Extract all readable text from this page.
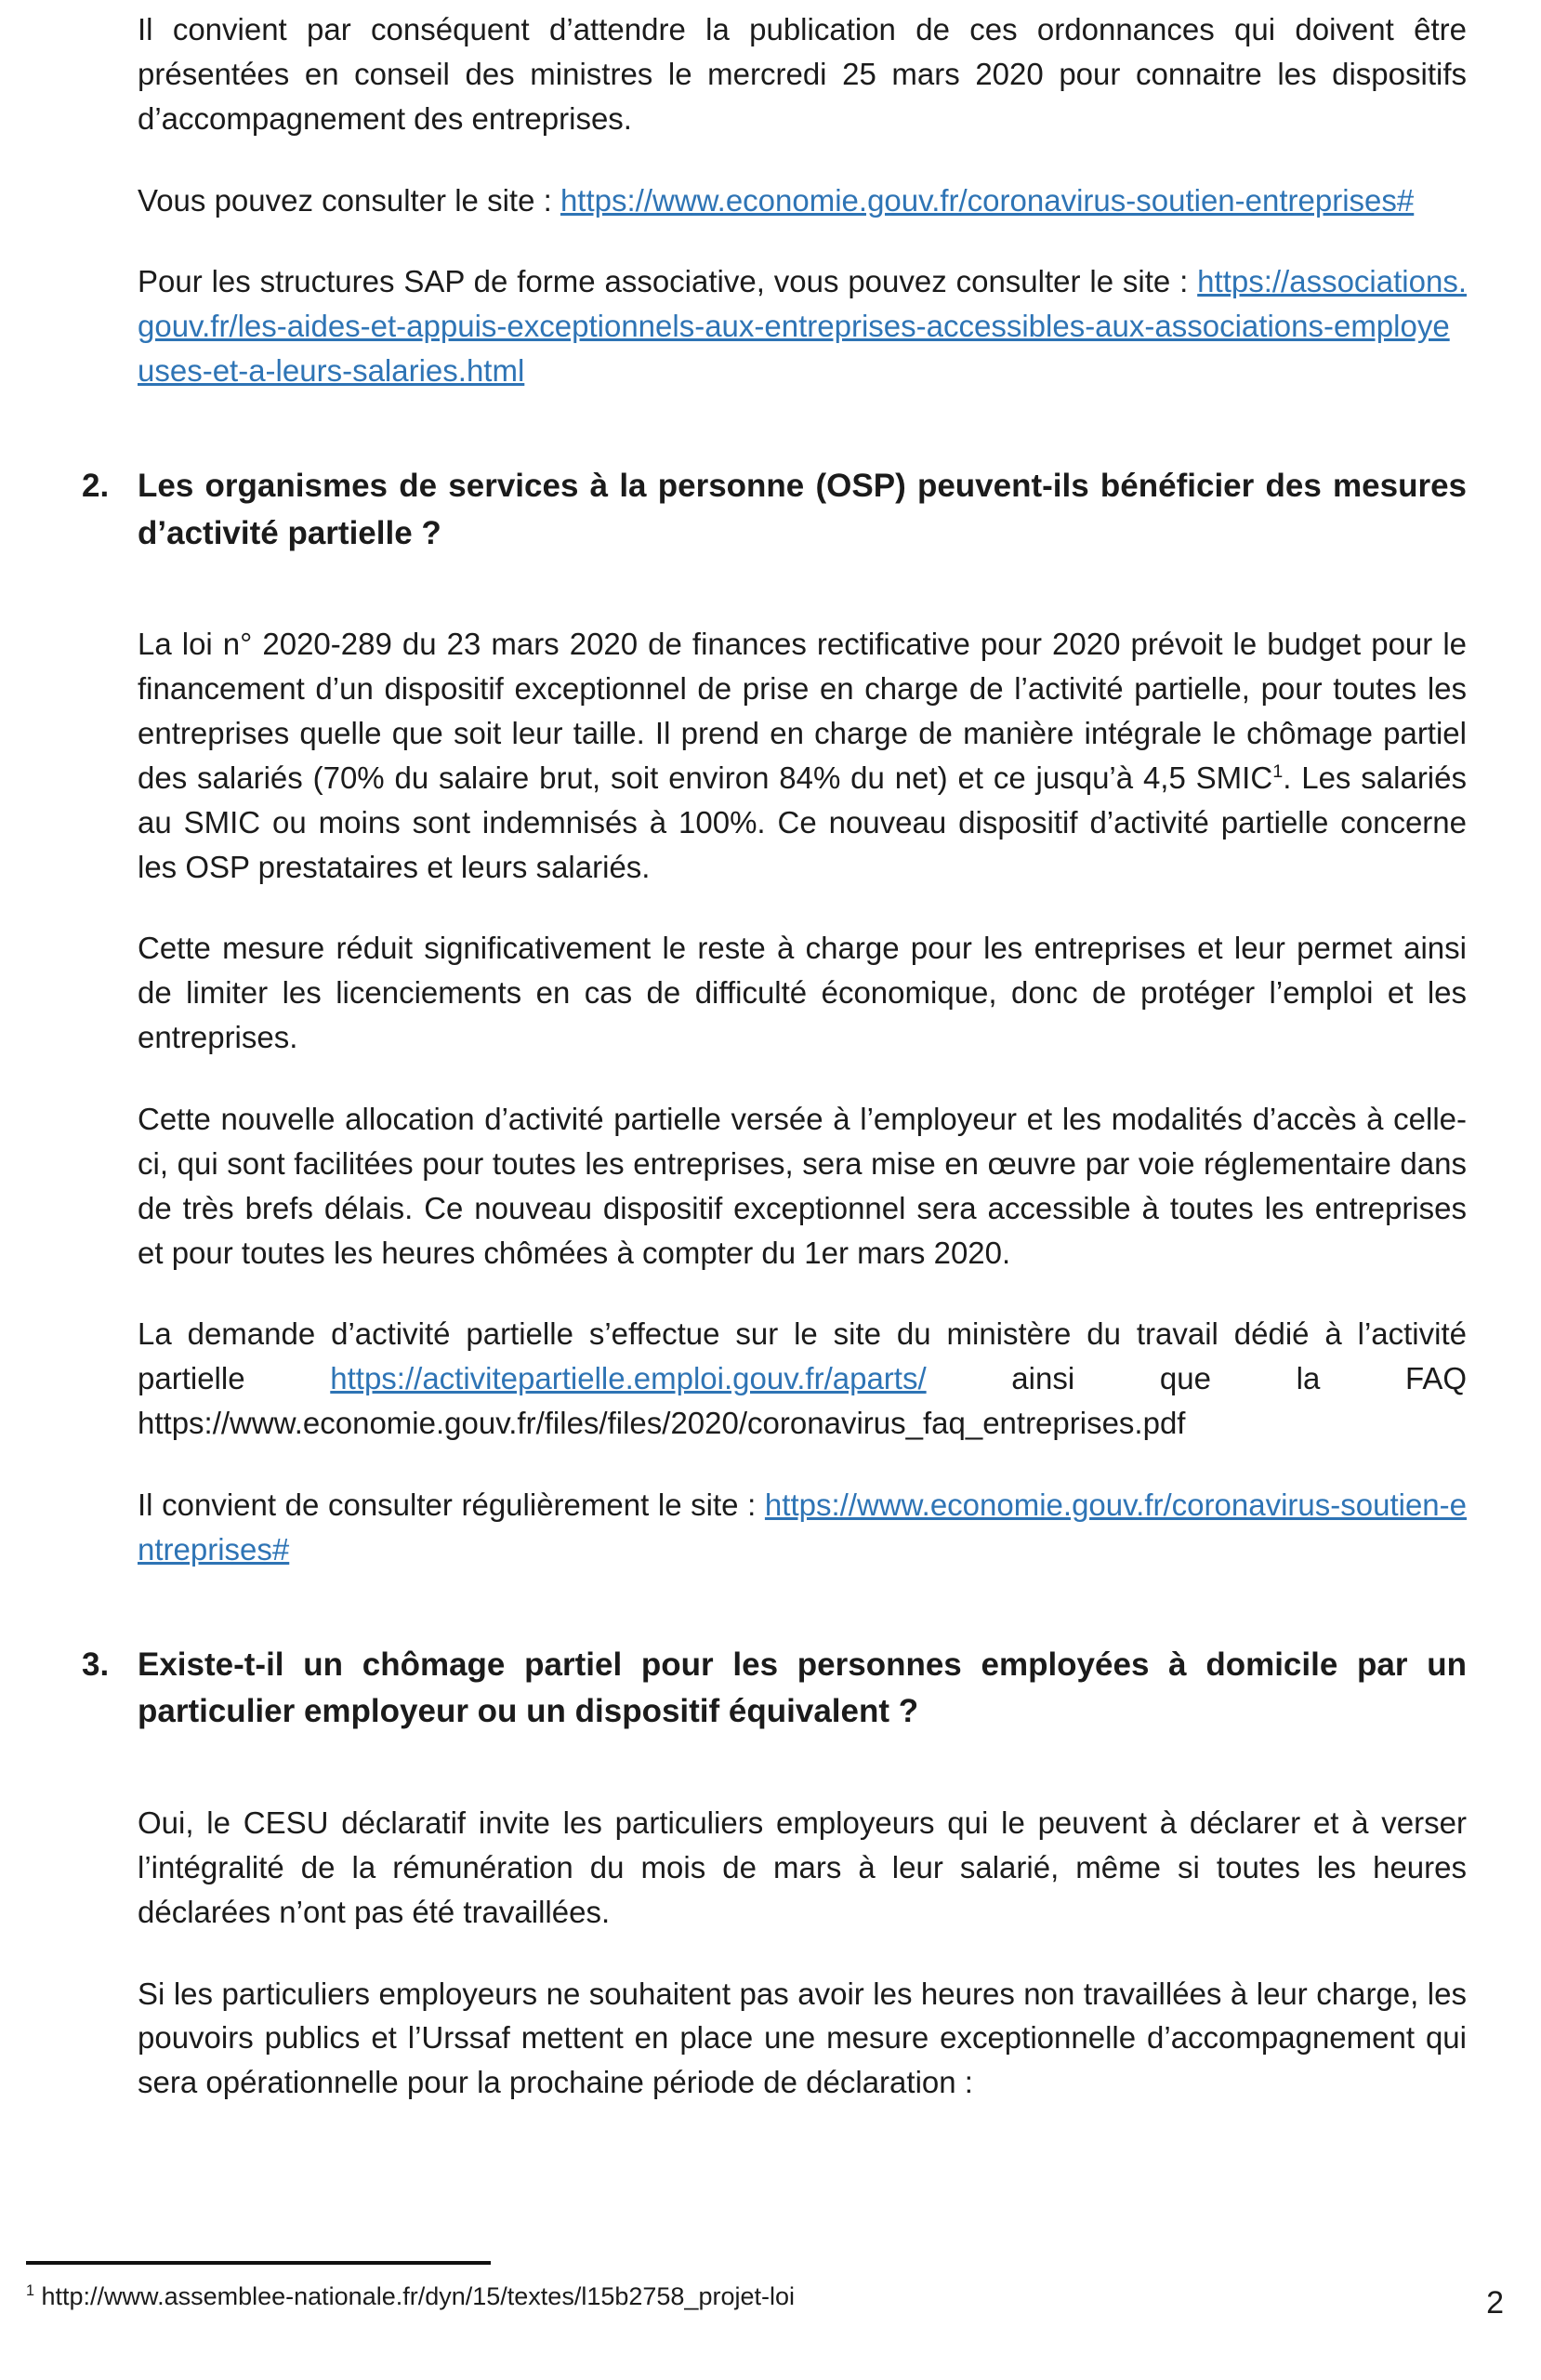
Il convient par conséquent d’attendre la publication de ces ordonnances qui doivent être présentées en conseil des ministres le mercredi 25 mars 2020 pour connaitre les dispositifs d’accompagnement des entreprises.

Vous pouvez consulter le site : https://www.economie.gouv.fr/coronavirus-soutien-entreprises#

Pour les structures SAP de forme associative, vous pouvez consulter le site : https://associations.gouv.fr/les-aides-et-appuis-exceptionnels-aux-entreprises-accessibles-aux-associations-employeuses-et-a-leurs-salaries.html

2. Les organismes de services à la personne (OSP) peuvent-ils bénéficier des mesures d’activité partielle ?

La loi n° 2020-289 du 23 mars 2020 de finances rectificative pour 2020 prévoit le budget pour le financement d’un dispositif exceptionnel de prise en charge de l’activité partielle, pour toutes les entreprises quelle que soit leur taille. Il prend en charge de manière intégrale le chômage partiel des salariés (70% du salaire brut, soit environ 84% du net) et ce jusqu’à 4,5 SMIC$^1$. Les salariés au SMIC ou moins sont indemnisés à 100%. Ce nouveau dispositif d’activité partielle concerne les OSP prestataires et leurs salariés.

Cette mesure réduit significativement le reste à charge pour les entreprises et leur permet ainsi de limiter les licenciements en cas de difficulté économique, donc de protéger l’emploi et les entreprises.

Cette nouvelle allocation d’activité partielle versée à l’employeur et les modalités d’accès à celle-ci, qui sont facilitées pour toutes les entreprises, sera mise en œuvre par voie réglementaire dans de très brefs délais. Ce nouveau dispositif exceptionnel sera accessible à toutes les entreprises et pour toutes les heures chômées à compter du 1er mars 2020.

La demande d’activité partielle s’effectue sur le site du ministère du travail dédié à l’activité partielle https://activitepartielle.emploi.gouv.fr/aparts/ ainsi que la FAQ https://www.economie.gouv.fr/files/files/2020/coronavirus_faq_entreprises.pdf

Il convient de consulter régulièrement le site : https://www.economie.gouv.fr/coronavirus-soutien-entreprises#

3. Existe-t-il un chômage partiel pour les personnes employées à domicile par un particulier employeur ou un dispositif équivalent ?

Oui, le CESU déclaratif invite les particuliers employeurs qui le peuvent à déclarer et à verser l’intégralité de la rémunération du mois de mars à leur salarié, même si toutes les heures déclarées n’ont pas été travaillées.

Si les particuliers employeurs ne souhaitent pas avoir les heures non travaillées à leur charge, les pouvoirs publics et l’Urssaf mettent en place une mesure exceptionnelle d’accompagnement qui sera opérationnelle pour la prochaine période de déclaration :

$^1$ http://www.assemblee-nationale.fr/dyn/15/textes/l15b2758_projet-loi	2
